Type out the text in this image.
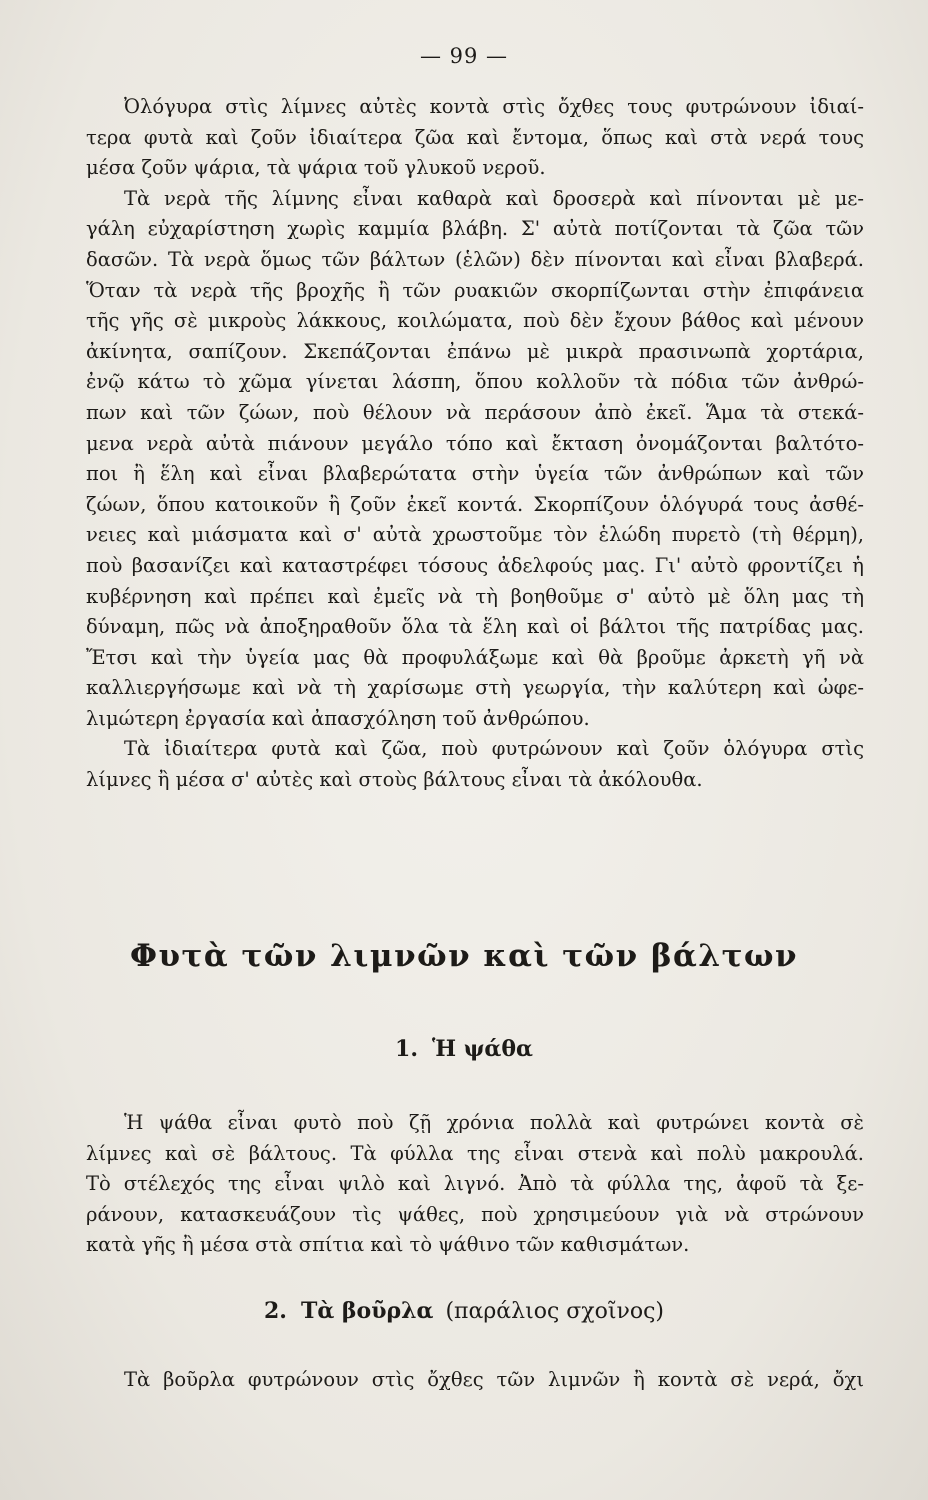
— 99 —
Ὀλόγυρα στὶς λίμνες αὐτὲς κοντὰ στὶς ὄχθες τους φυτρώνουν ἰδιαί-
τερα φυτὰ καὶ ζοῦν ἰδιαίτερα ζῶα καὶ ἔντομα, ὅπως καὶ στὰ νερά τους
μέσα ζοῦν ψάρια, τὰ ψάρια τοῦ γλυκοῦ νεροῦ.
Τὰ νερὰ τῆς λίμνης εἶναι καθαρὰ καὶ δροσερὰ καὶ πίνονται μὲ με-
γάλη εὐχαρίστηση χωρὶς καμμία βλάβη. Σ' αὐτὰ ποτίζονται τὰ ζῶα τῶν
δασῶν. Τὰ νερὰ ὅμως τῶν βάλτων (ἑλῶν) δὲν πίνονται καὶ εἶναι βλαβερά.
Ὅταν τὰ νερὰ τῆς βροχῆς ἢ τῶν ρυακιῶν σκορπίζωνται στὴν ἐπιφάνεια
τῆς γῆς σὲ μικροὺς λάκκους, κοιλώματα, ποὺ δὲν ἔχουν βάθος καὶ μένουν
ἀκίνητα, σαπίζουν. Σκεπάζονται ἐπάνω μὲ μικρὰ πρασινωπὰ χορτάρια,
ἐνῷ κάτω τὸ χῶμα γίνεται λάσπη, ὅπου κολλοῦν τὰ πόδια τῶν ἀνθρώ-
πων καὶ τῶν ζώων, ποὺ θέλουν νὰ περάσουν ἀπὸ ἐκεῖ. Ἅμα τὰ στεκά-
μενα νερὰ αὐτὰ πιάνουν μεγάλο τόπο καὶ ἔκταση ὀνομάζονται βαλτότο-
ποι ἢ ἕλη καὶ εἶναι βλαβερώτατα στὴν ὑγεία τῶν ἀνθρώπων καὶ τῶν
ζώων, ὅπου κατοικοῦν ἢ ζοῦν ἐκεῖ κοντά. Σκορπίζουν ὁλόγυρά τους ἀσθέ-
νειες καὶ μιάσματα καὶ σ' αὐτὰ χρωστοῦμε τὸν ἑλώδη πυρετὸ (τὴ θέρμη),
ποὺ βασανίζει καὶ καταστρέφει τόσους ἀδελφούς μας. Γι' αὐτὸ φροντίζει ἡ
κυβέρνηση καὶ πρέπει καὶ ἐμεῖς νὰ τὴ βοηθοῦμε σ' αὐτὸ μὲ ὅλη μας τὴ
δύναμη, πῶς νὰ ἀποξηραθοῦν ὅλα τὰ ἕλη καὶ οἱ βάλτοι τῆς πατρίδας μας.
Ἔτσι καὶ τὴν ὑγεία μας θὰ προφυλάξωμε καὶ θὰ βροῦμε ἀρκετὴ γῆ νὰ
καλλιεργήσωμε καὶ νὰ τὴ χαρίσωμε στὴ γεωργία, τὴν καλύτερη καὶ ὠφε-
λιμώτερη ἐργασία καὶ ἀπασχόληση τοῦ ἀνθρώπου.
Τὰ ἰδιαίτερα φυτὰ καὶ ζῶα, ποὺ φυτρώνουν καὶ ζοῦν ὁλόγυρα στὶς
λίμνες ἢ μέσα σ' αὐτὲς καὶ στοὺς βάλτους εἶναι τὰ ἀκόλουθα.
Φυτὰ τῶν λιμνῶν καὶ τῶν βάλτων
1. Ἡ ψάθα
Ἡ ψάθα εἶναι φυτὸ ποὺ ζῇ χρόνια πολλὰ καὶ φυτρώνει κοντὰ σὲ
λίμνες καὶ σὲ βάλτους. Τὰ φύλλα της εἶναι στενὰ καὶ πολὺ μακρουλά.
Τὸ στέλεχός της εἶναι ψιλὸ καὶ λιγνό. Ἀπὸ τὰ φύλλα της, ἀφοῦ τὰ ξε-
ράνουν, κατασκευάζουν τὶς ψάθες, ποὺ χρησιμεύουν γιὰ νὰ στρώνουν
κατὰ γῆς ἢ μέσα στὰ σπίτια καὶ τὸ ψάθινο τῶν καθισμάτων.
2. Τὰ βοῦρλα (παράλιος σχοῖνος)
Τὰ βοῦρλα φυτρώνουν στὶς ὄχθες τῶν λιμνῶν ἢ κοντὰ σὲ νερά, ὄχι
